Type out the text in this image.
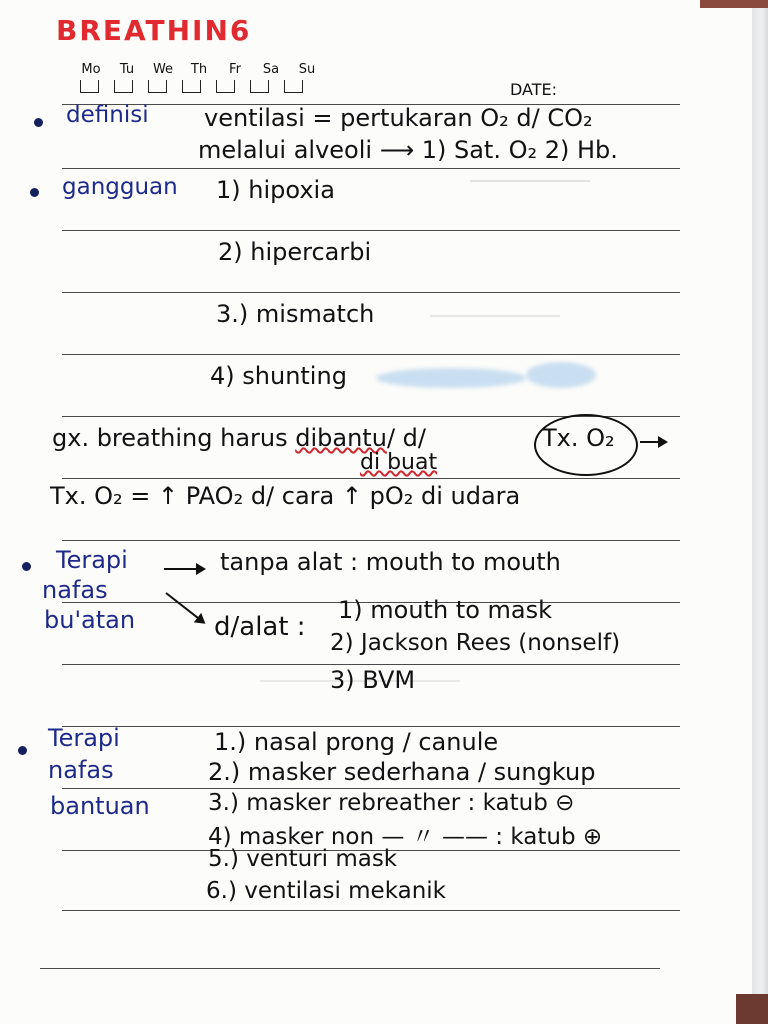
BREATHIN6
Mo	Tu	We	Th	Fr	Sa	Su
DATE:
definisi ventilasi = pertukaran O₂ d/ CO₂
melalui alveoli ⟶ 1) Sat. O₂ 2) Hb.
gangguan 1) hipoxia
2) hipercarbi
3.) mismatch
4) shunting
gx. breathing harus dibantu/ d/	Tx. O₂
di buat
Tx. O₂ = ↑ PAO₂ d/ cara ↑ pO₂ di udara
Terapi
nafas
bu'atan
tanpa alat : mouth to mouth
d/alat :
1) mouth to mask
2) Jackson Rees (nonself)
3) BVM
Terapi
nafas
bantuan
1.) nasal prong / canule
2.) masker sederhana / sungkup
3.) masker rebreather : katub ⊖
4) masker non — 〃 —— : katub ⊕
5.) venturi mask
6.) ventilasi mekanik
